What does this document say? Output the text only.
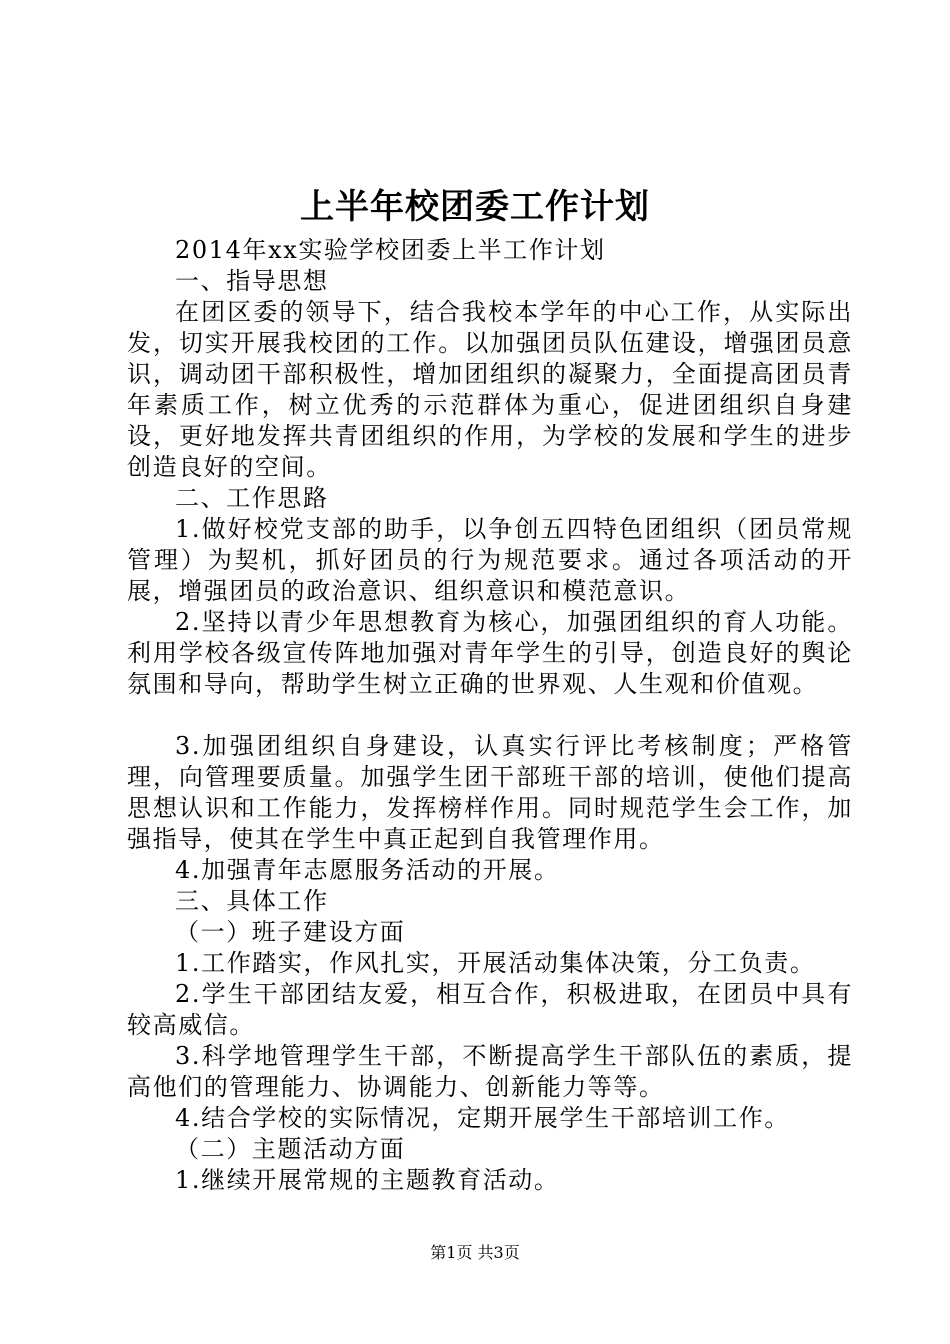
上半年校团委工作计划

2014年xx实验学校团委上半工作计划

一、指导思想

在团区委的领导下，结合我校本学年的中心工作，从实际出发，切实开展我校团的工作。以加强团员队伍建设，增强团员意识，调动团干部积极性，增加团组织的凝聚力，全面提高团员青年素质工作，树立优秀的示范群体为重心，促进团组织自身建设，更好地发挥共青团组织的作用，为学校的发展和学生的进步创造良好的空间。

二、工作思路

1.做好校党支部的助手，以争创五四特色团组织（团员常规管理）为契机，抓好团员的行为规范要求。通过各项活动的开展，增强团员的政治意识、组织意识和模范意识。

2.坚持以青少年思想教育为核心，加强团组织的育人功能。利用学校各级宣传阵地加强对青年学生的引导，创造良好的舆论氛围和导向，帮助学生树立正确的世界观、人生观和价值观。

3.加强团组织自身建设，认真实行评比考核制度；严格管理，向管理要质量。加强学生团干部班干部的培训，使他们提高思想认识和工作能力，发挥榜样作用。同时规范学生会工作，加强指导，使其在学生中真正起到自我管理作用。

4.加强青年志愿服务活动的开展。

三、具体工作

（一）班子建设方面

1.工作踏实，作风扎实，开展活动集体决策，分工负责。

2.学生干部团结友爱，相互合作，积极进取，在团员中具有较高威信。

3.科学地管理学生干部，不断提高学生干部队伍的素质，提高他们的管理能力、协调能力、创新能力等等。

4.结合学校的实际情况，定期开展学生干部培训工作。

（二）主题活动方面

1.继续开展常规的主题教育活动。

第1页 共3页
